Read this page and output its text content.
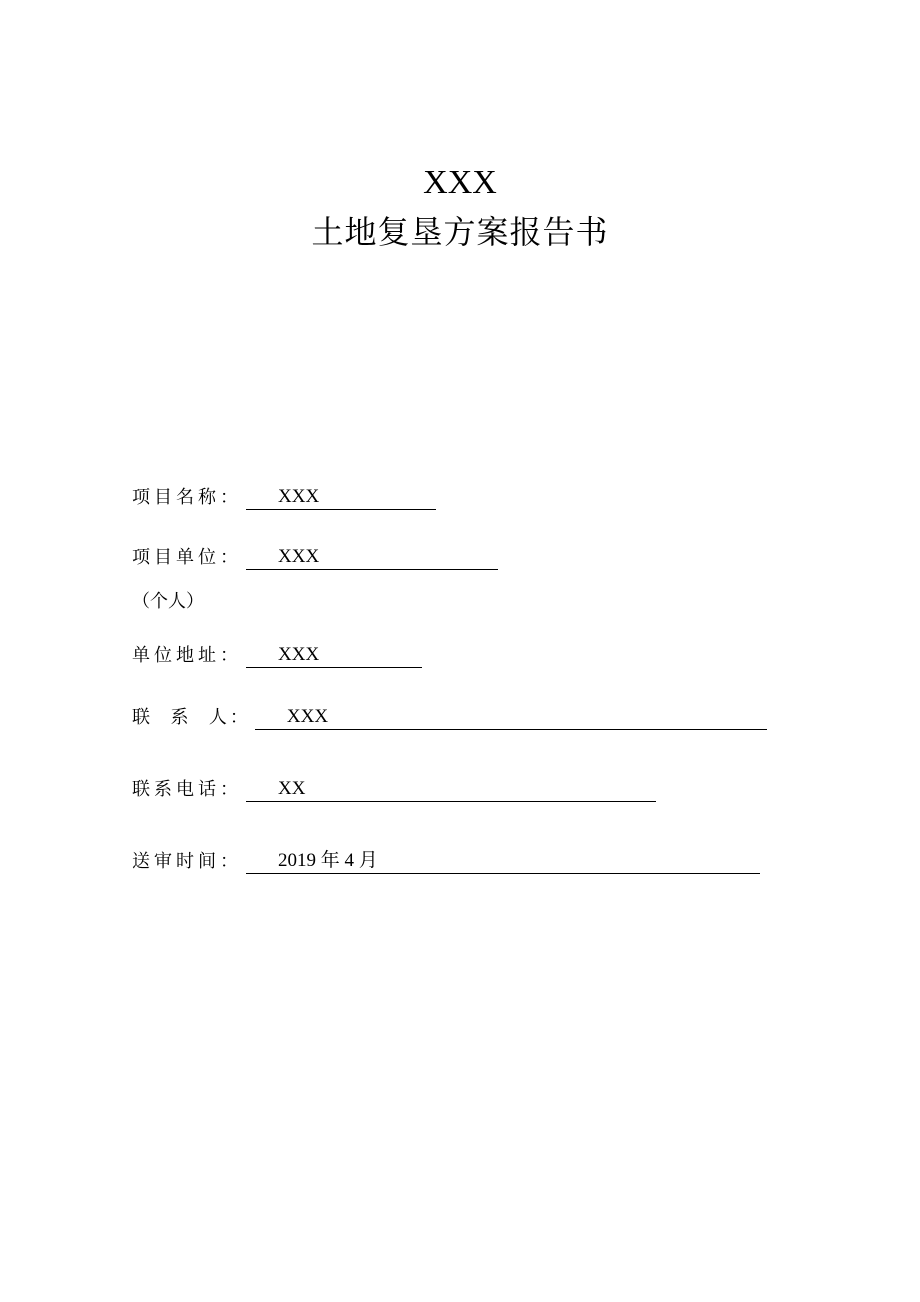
XXX
土地复垦方案报告书
项目名称： XXX
项目单位： XXX
（个人）
单位地址： XXX
联  系  人： XXX
联系电话： XX
送审时间： 2019 年 4 月
